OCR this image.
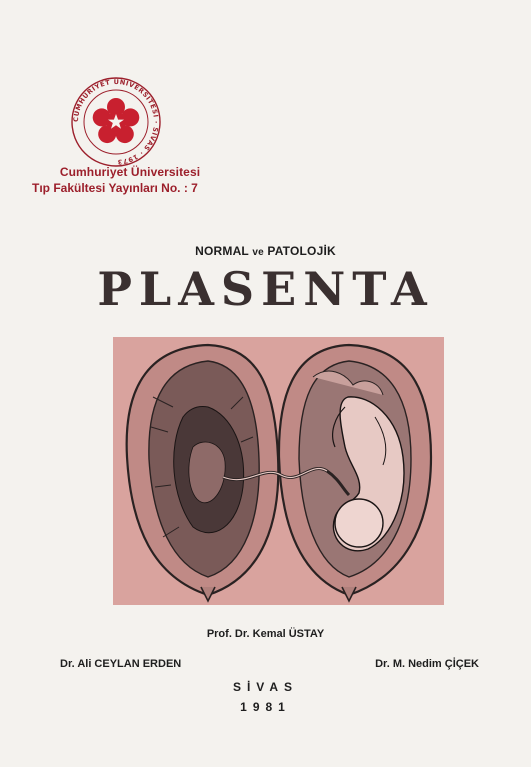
CUMHURIYET ÜNIVERSITESI · SIVAS · 1973
Cumhuriyet Üniversitesi
Tıp Fakültesi Yayınları No. : 7
NORMAL ve PATOLOJİK
PLASENTA
Prof. Dr. Kemal ÜSTAY
Dr. Ali CEYLAN ERDEN	Dr. M. Nedim ÇİÇEK
SİVAS
1981
